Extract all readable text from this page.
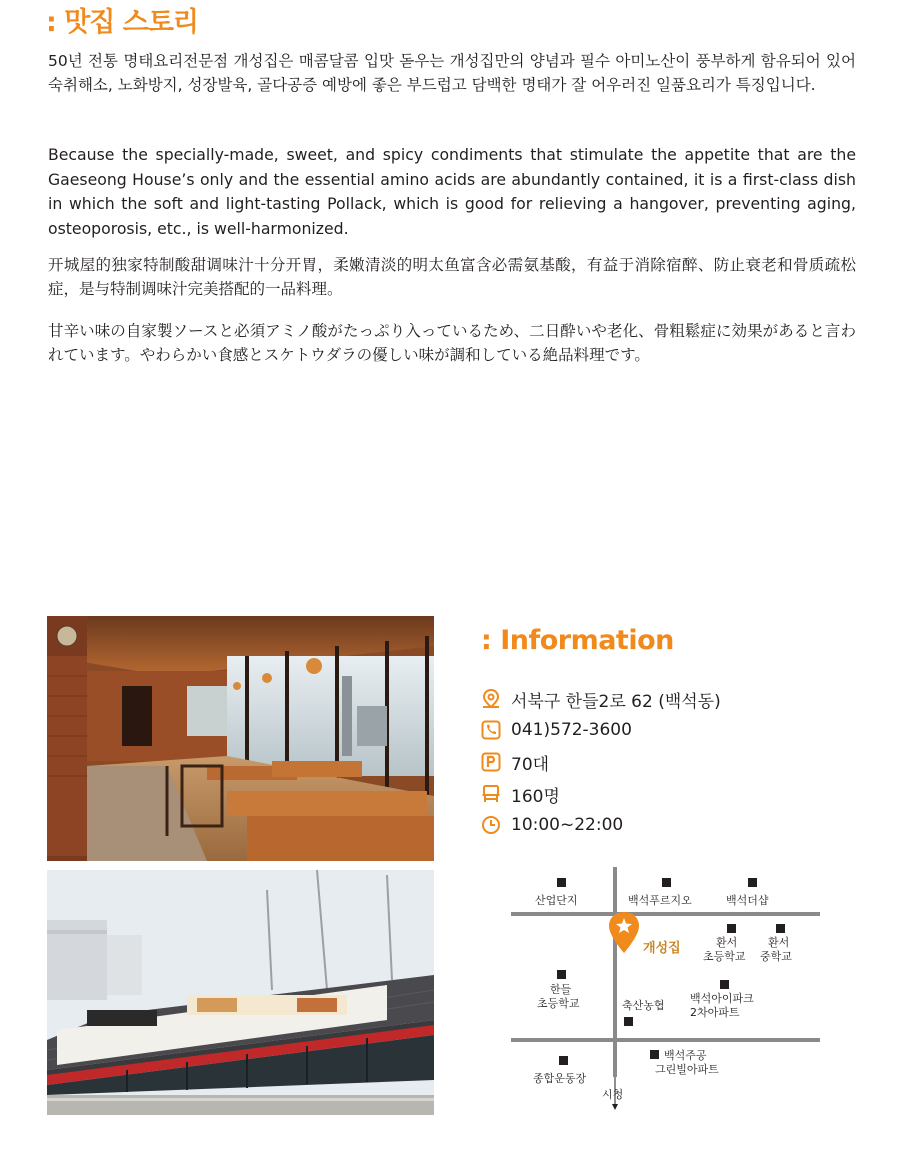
: 맛집 스토리

50년 전통 명태요리전문점 개성집은 매콤달콤 입맛 돋우는 개성집만의 양념과 필수 아미노산이 풍부하게 함유되어 있어 숙취해소, 노화방지, 성장발육, 골다공증 예방에 좋은 부드럽고 담백한 명태가 잘 어우러진 일품요리가 특징입니다.

Because the specially-made, sweet, and spicy condiments that stimulate the appetite that are the Gaeseong House’s only and the essential amino acids are abundantly contained, it is a first-class dish in which the soft and light-tasting Pollack, which is good for relieving a hangover, preventing aging, osteoporosis, etc., is well-harmonized.

开城屋的独家特制酸甜调味汁十分开胃，柔嫩清淡的明太鱼富含必需氨基酸，有益于消除宿醉、防止衰老和骨质疏松症，是与特制调味汁完美搭配的一品料理。

甘辛い味の自家製ソースと必須アミノ酸がたっぷり入っているため、二日酔いや老化、骨粗鬆症に効果があると言われています。やわらかい食感とスケトウダラの優しい味が調和している絶品料理です。

: Information
서북구 한들2로 62 (백석동)
041)572-3600
70대
160명
10:00~22:00
산업단지	백석푸르지오	백석더샵
개성집	환서
초등학교
환서
중학교
한들
초등학교	축산농협
백석아이파크
2차아파트
종합운동장
백석주공
그린빌아파트
시청
